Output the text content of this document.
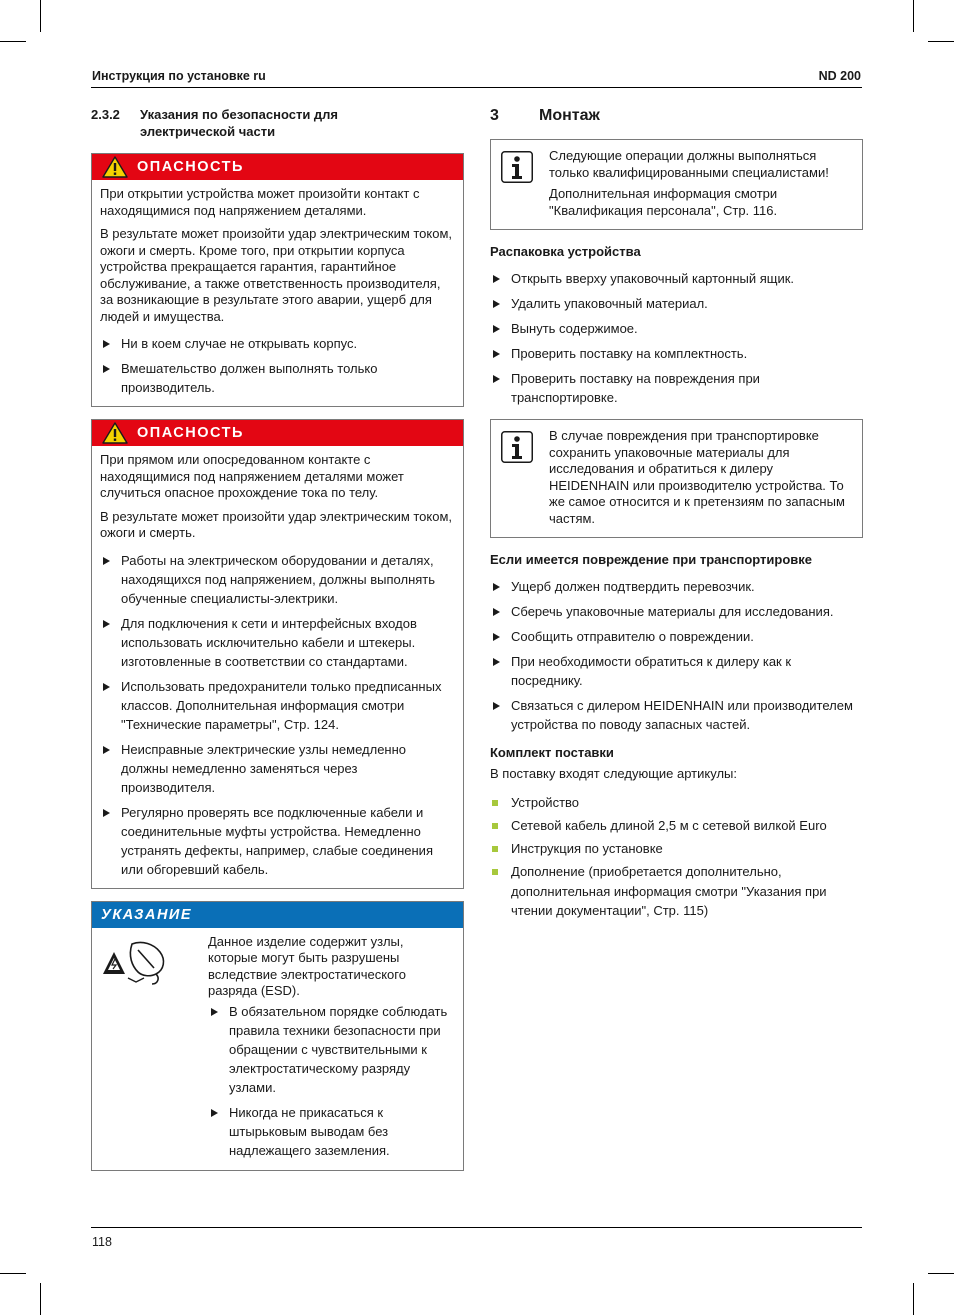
Инструкция по установке ru	ND 200
2.3.2	Указания по безопасности для
электрической части
ОПАСНОСТЬ

При открытии устройства может произойти контакт с находящимися под напряжением деталями.

В результате может произойти удар электрическим током, ожоги и смерть. Кроме того, при открытии корпуса устройства прекращается гарантия, гарантийное обслуживание, а также ответственность производителя, за возникающие в результате этого аварии, ущерб для людей и имущества.

Ни в коем случае не открывать корпус.
Вмешательство должен выполнять только производитель.
ОПАСНОСТЬ

При прямом или опосредованном контакте с находящимися под напряжением деталями может случиться опасное прохождение тока по телу.

В результате может произойти удар электрическим током, ожоги и смерть.

Работы на электрическом оборудовании и деталях, находящихся под напряжением, должны выполнять обученные специалисты-электрики.
Для подключения к сети и интерфейсных входов использовать исключительно кабели и штекеры. изготовленные в соответствии со стандартами.
Использовать предохранители только предписанных классов. Дополнительная информация смотри "Технические параметры", Стр. 124.
Неисправные электрические узлы немедленно должны немедленно заменяться через производителя.
Регулярно проверять все подключенные кабели и соединительные муфты устройства. Немедленно устранять дефекты, например, слабые соединения или обгоревший кабель.
УКАЗАНИЕ

Данное изделие содержит узлы, которые могут быть разрушены вследствие электростатического разряда (ESD).

В обязательном порядке соблюдать правила техники безопасности при обращении с чувствительными к электростатическому разряду узлами.
Никогда не прикасаться к штырьковым выводам без надлежащего заземления.
3	Монтаж

Следующие операции должны выполняться только квалифицированными специалистами!

Дополнительная информация смотри "Квалификация персонала", Стр. 116.

Распаковка устройства
Открыть вверху упаковочный картонный ящик.
Удалить упаковочный материал.
Вынуть содержимое.
Проверить поставку на комплектность.
Проверить поставку на повреждения при транспортировке.

В случае повреждения при транспортировке сохранить упаковочные материалы для исследования и обратиться к дилеру HEIDENHAIN или производителю устройства. То же самое относится и к претензиям по запасным частям.

Если имеется повреждение при транспортировке
Ущерб должен подтвердить перевозчик.
Сберечь упаковочные материалы для исследования.
Сообщить отправителю о повреждении.
При необходимости обратиться к дилеру как к посреднику.
Связаться с дилером HEIDENHAIN или производителем устройства по поводу запасных частей.
Комплект поставки

В поставку входят следующие артикулы:

Устройство
Сетевой кабель длиной 2,5 м с сетевой вилкой Euro
Инструкция по установке
Дополнение (приобретается дополнительно, дополнительная информация смотри "Указания при чтении документации", Стр. 115)
118
